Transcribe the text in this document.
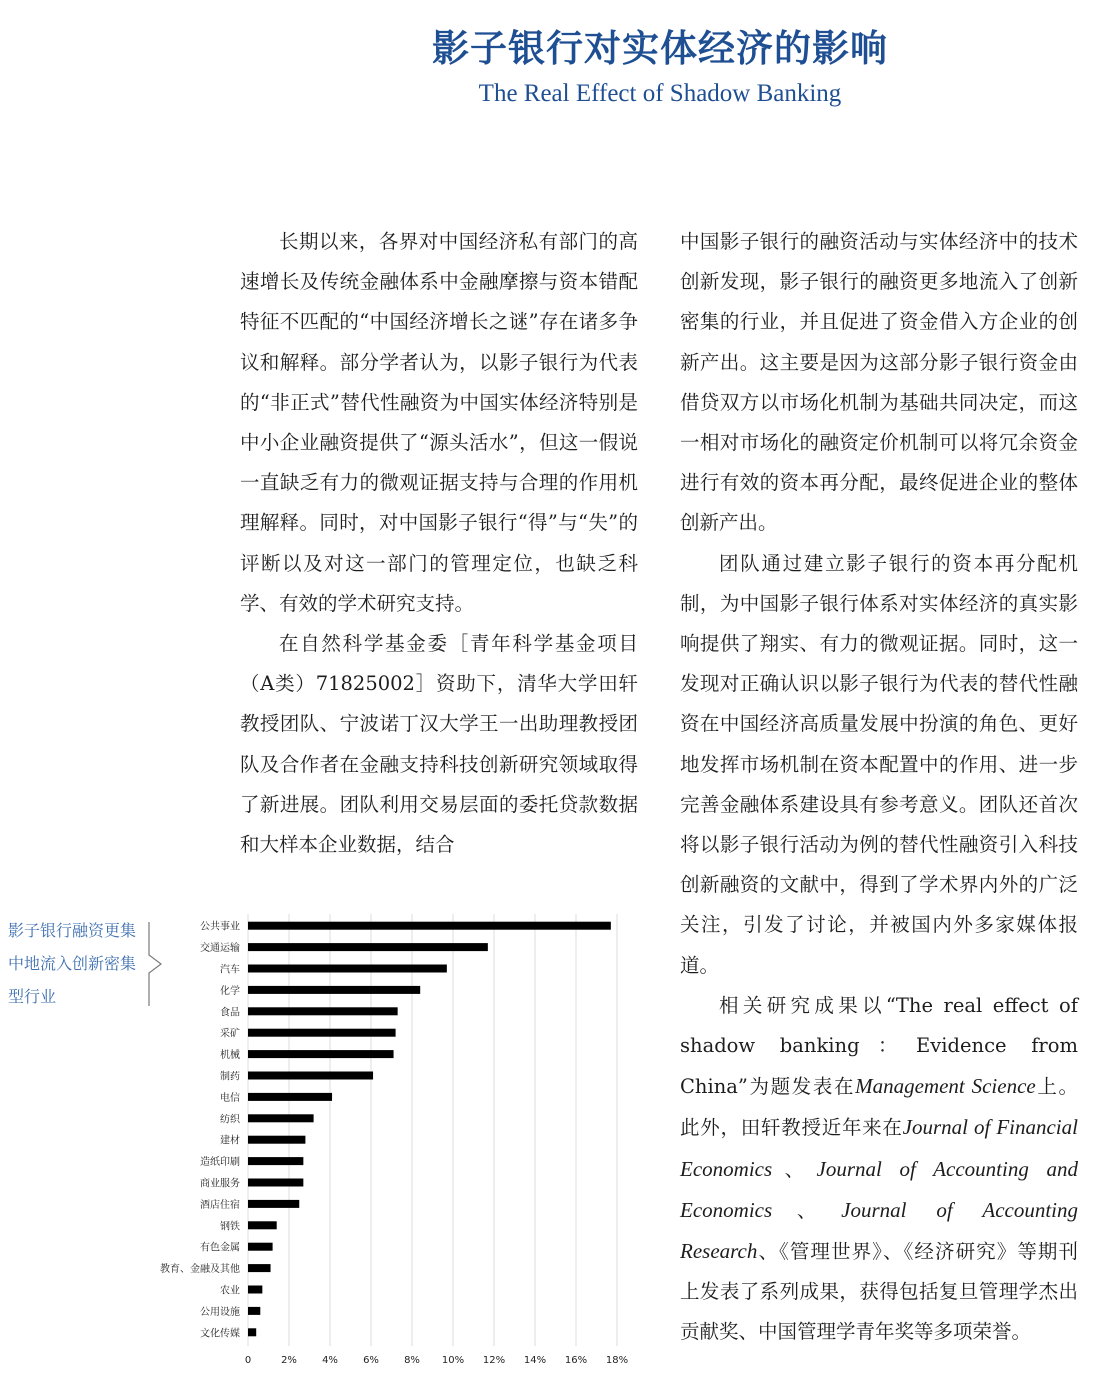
影子银行对实体经济的影响
The Real Effect of Shadow Banking

长期以来，各界对中国经济私有部门的高速增长及传统金融体系中金融摩擦与资本错配特征不匹配的“中国经济增长之谜”存在诸多争议和解释。部分学者认为，以影子银行为代表的“非正式”替代性融资为中国实体经济特别是中小企业融资提供了“源头活水”，但这一假说一直缺乏有力的微观证据支持与合理的作用机理解释。同时，对中国影子银行“得”与“失”的评断以及对这一部门的管理定位，也缺乏科学、有效的学术研究支持。

在自然科学基金委［青年科学基金项目（A类）71825002］资助下，清华大学田轩教授团队、宁波诺丁汉大学王一出助理教授团队及合作者在金融支持科技创新研究领域取得了新进展。团队利用交易层面的委托贷款数据和大样本企业数据，结合

中国影子银行的融资活动与实体经济中的技术创新发现，影子银行的融资更多地流入了创新密集的行业，并且促进了资金借入方企业的创新产出。这主要是因为这部分影子银行资金由借贷双方以市场化机制为基础共同决定，而这一相对市场化的融资定价机制可以将冗余资金进行有效的资本再分配，最终促进企业的整体创新产出。

团队通过建立影子银行的资本再分配机制，为中国影子银行体系对实体经济的真实影响提供了翔实、有力的微观证据。同时，这一发现对正确认识以影子银行为代表的替代性融资在中国经济高质量发展中扮演的角色、更好地发挥市场机制在资本配置中的作用、进一步完善金融体系建设具有参考意义。团队还首次将以影子银行活动为例的替代性融资引入科技创新融资的文献中，得到了学术界内外的广泛关注，引发了讨论，并被国内外多家媒体报道。

相关研究成果以“The real effect of shadow banking：Evidence from China”为题发表在Management Science上。此外，田轩教授近年来在Journal of Financial Economics、Journal of Accounting and Economics、Journal of Accounting Research、《管理世界》、《经济研究》等期刊上发表了系列成果，获得包括复旦管理学杰出贡献奖、中国管理学青年奖等多项荣誉。

影子银行融资更集中地流入创新密集型行业
0	2%	4%	6%	8% 10% 12% 14% 16% 18%
公共事业
交通运输
汽车
化学
食品
采矿
机械
制药
电信
纺织
建材
造纸印刷
商业服务
酒店住宿
钢铁
有色金属
教育、金融及其他
农业
公用设施
文化传媒
